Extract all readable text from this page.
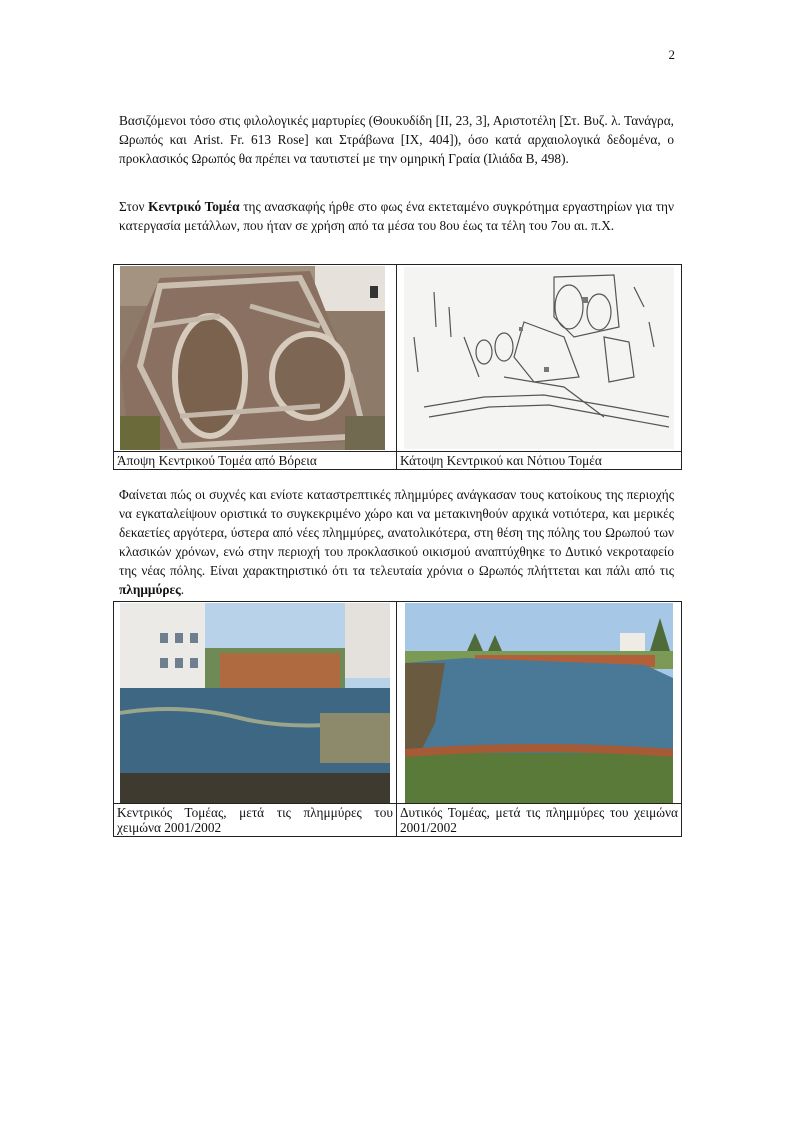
2

Βασιζόμενοι τόσο στις φιλολογικές μαρτυρίες (Θουκυδίδη [ΙΙ, 23, 3], Αριστοτέλη [Στ. Βυζ. λ. Τανάγρα, Ωρωπός και Arist. Fr. 613 Rose] και Στράβωνα [IX, 404]), όσο κατά αρχαιολογικά δεδομένα, ο προκλασικός Ωρωπός θα πρέπει να ταυτιστεί με την ομηρική Γραία (Ιλιάδα Β, 498).

Στον Κεντρικό Τομέα της ανασκαφής ήρθε στο φως ένα εκτεταμένο συγκρότημα εργαστηρίων για την κατεργασία μετάλλων, που ήταν σε χρήση από τα μέσα του 8ου έως τα τέλη του 7ου αι. π.Χ.

Άποψη Κεντρικού Τομέα από Βόρεια	Κάτοψη Κεντρικού και Νότιου Τομέα

Φαίνεται πώς οι συχνές και ενίοτε καταστρεπτικές πλημμύρες ανάγκασαν τους κατοίκους της περιοχής να εγκαταλείψουν οριστικά το συγκεκριμένο χώρο και να μετακινηθούν αρχικά νοτιότερα, και μερικές δεκαετίες αργότερα, ύστερα από νέες πλημμύρες, ανατολικότερα, στη θέση της πόλης του Ωρωπού των κλασικών χρόνων, ενώ στην περιοχή του προκλασικού οικισμού αναπτύχθηκε το Δυτικό νεκροταφείο της νέας πόλης. Είναι χαρακτηριστικό ότι τα τελευταία χρόνια ο Ωρωπός πλήττεται και πάλι από τις πλημμύρες.

Κεντρικός Τομέας, μετά τις πλημμύρες του χειμώνα 2001/2002	Δυτικός Τομέας, μετά τις πλημμύρες του χειμώνα 2001/2002
